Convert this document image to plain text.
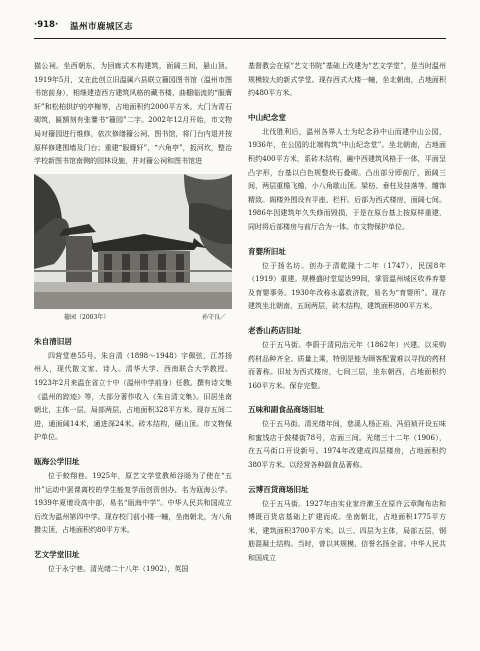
·918· 温州市鹿城区志

猫公祠。坐西朝东，为回廊式木构建筑，面阔三间，悬山顶。1919年5月，又在此创立旧温属六县联立籀园图书馆（温州市图书馆前身），相继建造西方建筑风格的藏书楼、曲棚临流的“服膺轩”和松柏拱护的亭榭等，占地面积约2000平方米。大门为青石砌筑，匾额刻有张謇书“籀园”二字。2002年12月开始，市文物局对籀园进行维修，依次修缮籀公祠、图书馆，将门台内退并按原样修建围墙及门台；重建“服膺轩”、“六角亭”，扳河坎，整治学校新图书馆南侧的园林设施，并对籀公祠和图书馆进

籀园（2003年）	孙守良／
朱自清旧居

四营堂巷55号。朱自清（1898～1948）字佩弦，江苏扬州人，现代散文家、诗人。清华大学、西南联合大学教授。1923年2月来温在省立十中（温州中学前身）任教。撰有诗文集《温州的踪迹》等，大部分著作收入《朱自清文集》。旧居坐南朝北，主体一层，局部两层，占地面积328平方米。现存五间二进，通面阔14米，通进深24米。砖木结构，硬山顶。市文物保护单位。

瓯海公学旧址

位于蛟翔巷。1925年，原艺文学堂教师谷旸为了使在“五卅”运动中罢课离校的学生能复学而创资创办，名为瓯海公学。1939年夏增设高中部，易名“瓯海中学”。中华人民共和国成立后改为温州第四中学。现存校门前小楼一幢，坐南朝北，为八角攒尖顶，占地面积约80平方米。

艺文学堂旧址

位于永宁巷。清光绪二十八年（1902），英国

基督教会在原“艺文书院”基础上改建为“艺文学堂”，是当时温州规模较大的新式学堂。现存西式大楼一幢，坐北朝南，占地面积约480平方米。

中山纪念堂

北伐胜利后，温州各界人士为纪念孙中山而建中山公园，1936年，在公园的北端构筑“中山纪念堂”。坐北朝南，占地面积约400平方米，系砖木结构，融中西建筑风格于一体，平面呈凸字形，台基以白色规整块石叠砌。凸出部分即前厅，面阔三间，两层重檐飞檐，小八角歇山顶。梁枋、垂柱及挂落等，雕饰精致。阁楼外围设有平座、栏杆。后部为西式楼房，面阔七间。1986年因建筑年久失修而毁损，于是在原台基上按原样重建，同时将后部楼房与前厅合为一体。市文物保护单位。

育婴所旧址

位于扬名坊。创办于清乾隆十二年（1747），民国8年（1919）重建。规模盛时堂屋达99间，掌管温州城区收养弃婴及育婴事务。1930年改称永嘉救济院，易名为“育婴所”。现存建筑坐北朝南，五间两层，砖木结构，建筑面积800平方米。

老香山药店旧址

位于五马街。李蔚于清同治元年（1862年）兴建。以采购药材品种齐全、质量上乘，特别是能为顾客配置难以寻找的药材而著称。旧址为西式楼房，七间三层，坐东朝西，占地面积约160平方米。保存完整。

五味和副食品商场旧址

位于五马街。清光绪年间，慈溪人杨正裕、冯佰祯开设五味和蜜饯店于鼓楼街78号，店面三间。光绪三十二年（1906），在五马街口开设新号。1974年改建成四层楼房，占地面积约380平方米。以经营各种副食品著称。

云博百货商场旧址

位于五马街。1927年由实业家许漱玉在原许云章陶布店和博既百货店基础上扩建而成。坐南朝北，占地面积1775平方米，建筑面积3700平方米。以三、四层为主体，局部五层，钢筋混凝土结构。当时，曾以其规模、信誉名扬全省。中华人民共和国成立
